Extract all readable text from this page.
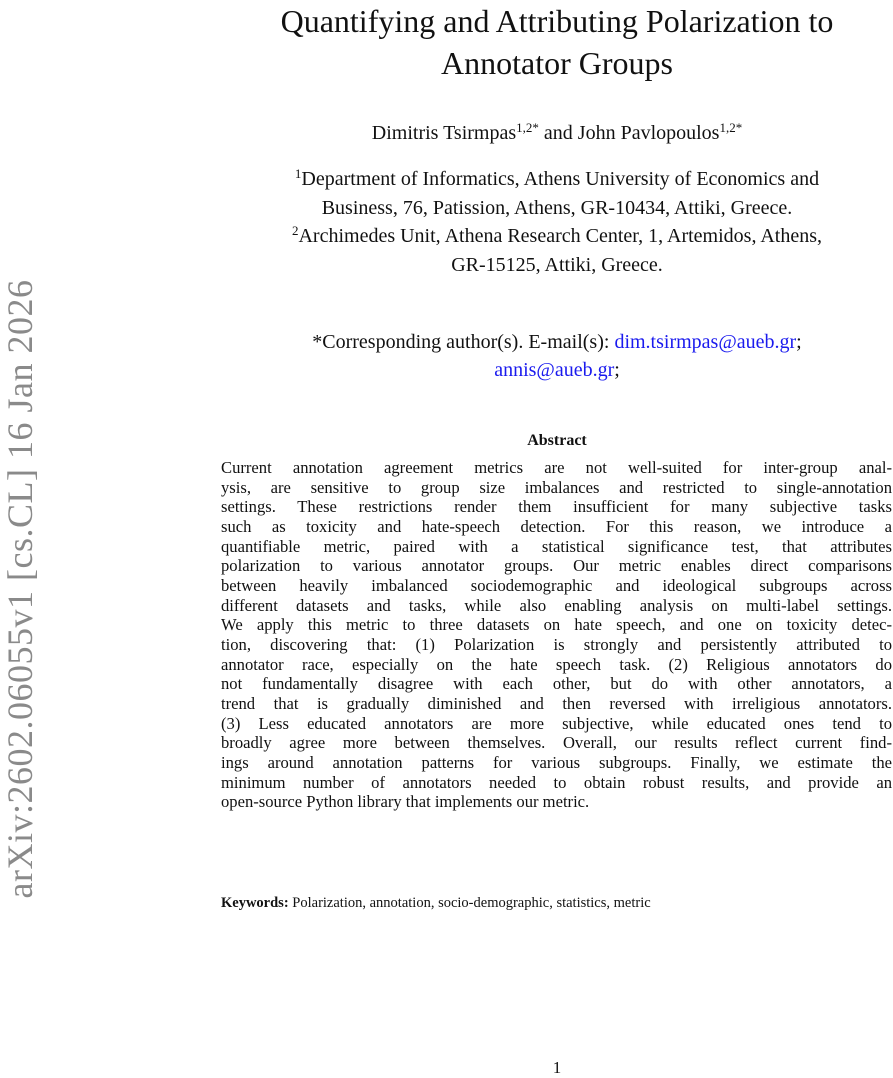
arXiv:2602.06055v1 [cs.CL] 16 Jan 2026
Quantifying and Attributing Polarization to
Annotator Groups
Dimitris Tsirmpas$^{1,2*}$ and John Pavlopoulos$^{1,2*}$
$^1$Department of Informatics, Athens University of Economics and
Business, 76, Patission, Athens, GR-10434, Attiki, Greece.
$^2$Archimedes Unit, Athena Research Center, 1, Artemidos, Athens,
GR-15125, Attiki, Greece.
*Corresponding author(s). E-mail(s): dim.tsirmpas@aueb.gr;
annis@aueb.gr;
Abstract
Current annotation agreement metrics are not well-suited for inter-group anal-
ysis, are sensitive to group size imbalances and restricted to single-annotation
settings. These restrictions render them insufficient for many subjective tasks
such as toxicity and hate-speech detection. For this reason, we introduce a
quantifiable metric, paired with a statistical significance test, that attributes
polarization to various annotator groups. Our metric enables direct comparisons
between heavily imbalanced sociodemographic and ideological subgroups across
different datasets and tasks, while also enabling analysis on multi-label settings.
We apply this metric to three datasets on hate speech, and one on toxicity detec-
tion, discovering that: (1) Polarization is strongly and persistently attributed to
annotator race, especially on the hate speech task. (2) Religious annotators do
not fundamentally disagree with each other, but do with other annotators, a
trend that is gradually diminished and then reversed with irreligious annotators.
(3) Less educated annotators are more subjective, while educated ones tend to
broadly agree more between themselves. Overall, our results reflect current find-
ings around annotation patterns for various subgroups. Finally, we estimate the
minimum number of annotators needed to obtain robust results, and provide an
open-source Python library that implements our metric.
Keywords: Polarization, annotation, socio-demographic, statistics, metric
1
